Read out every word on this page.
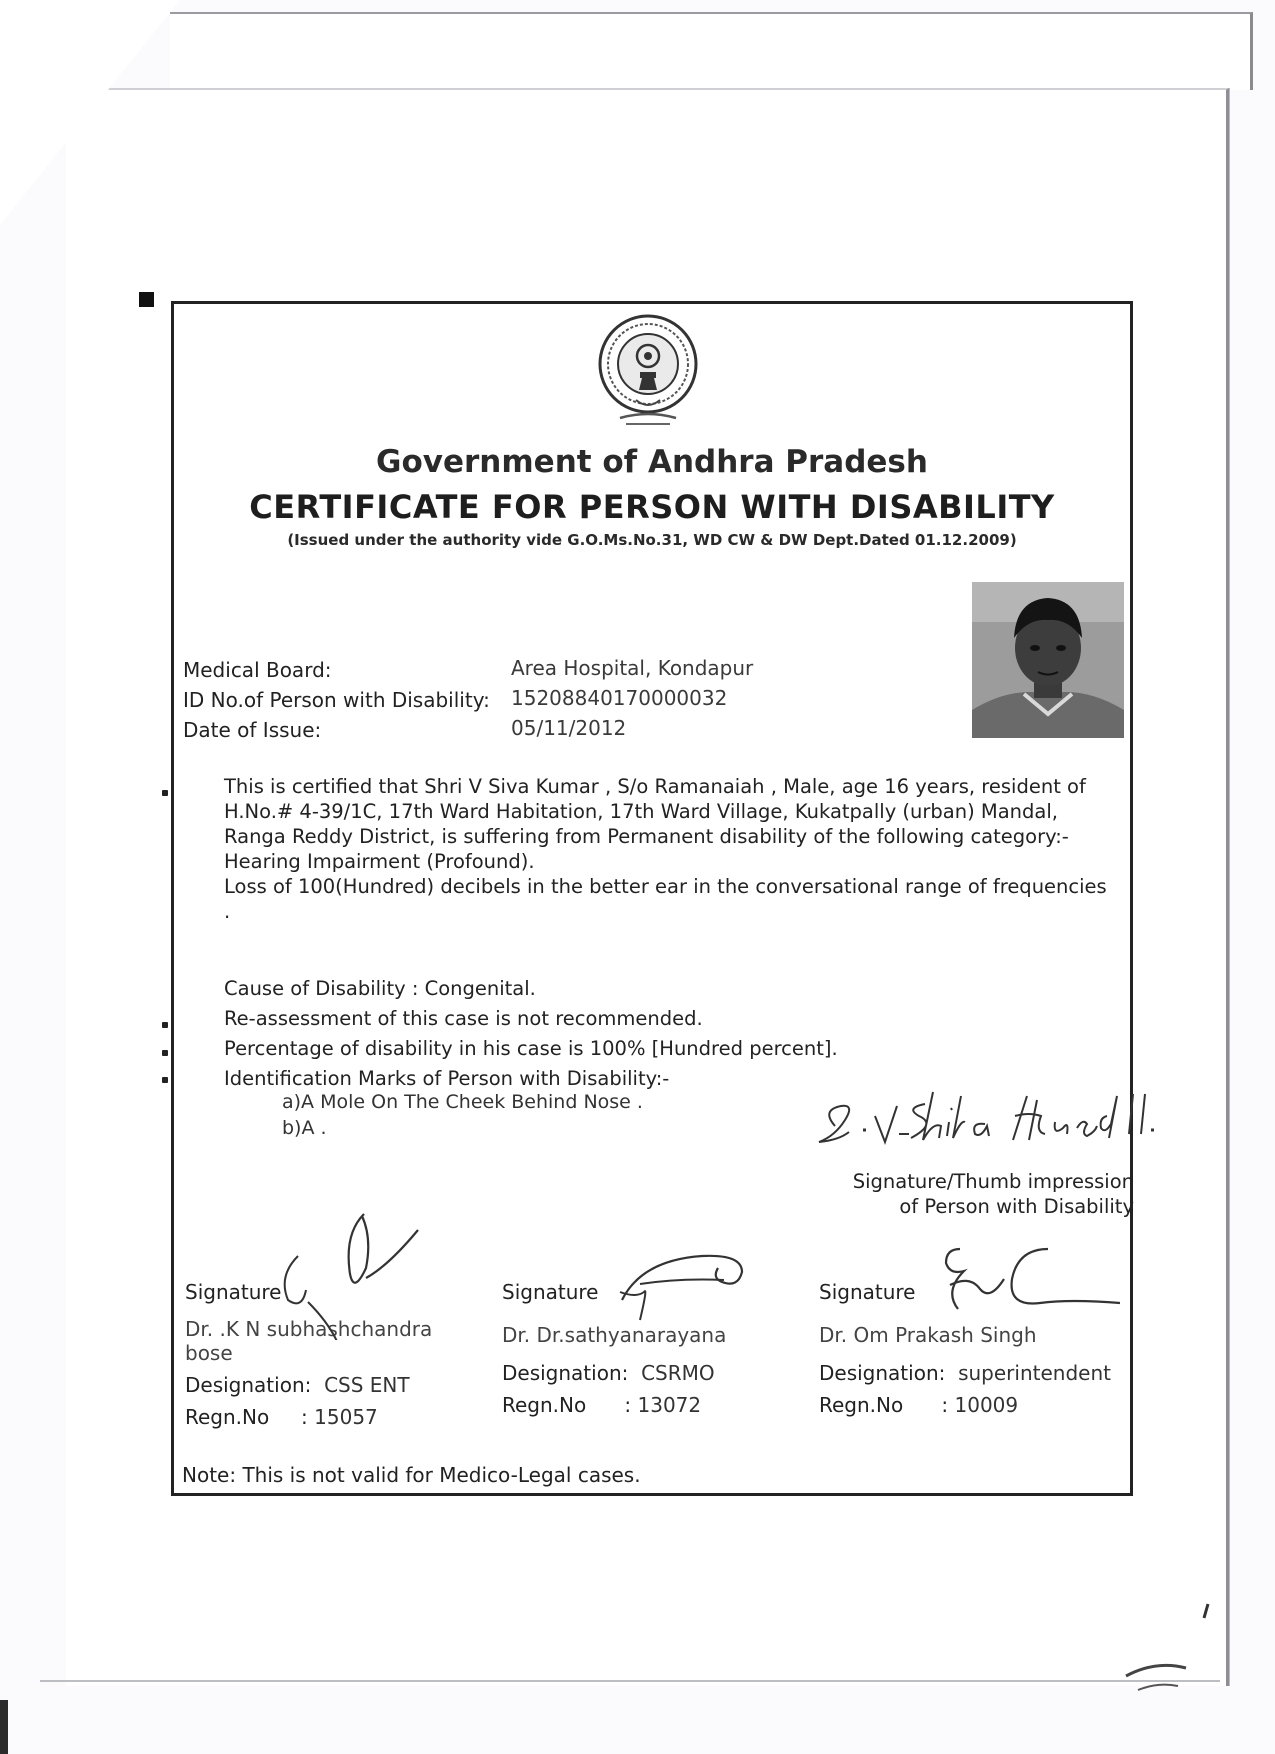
Government of Andhra Pradesh
CERTIFICATE FOR PERSON WITH DISABILITY
(Issued under the authority vide G.O.Ms.No.31, WD CW & DW Dept.Dated 01.12.2009)
Medical Board:	Area Hospital, Kondapur
ID No.of Person with Disability: 15208840170000032
Date of Issue:	05/11/2012

This is certified that Shri V Siva Kumar , S/o Ramanaiah , Male, age 16 years, resident of H.No.# 4-39/1C, 17th Ward Habitation, 17th Ward Village, Kukatpally (urban) Mandal, Ranga Reddy District, is suffering from Permanent disability of the following category:-

Hearing Impairment (Profound).

Loss of 100(Hundred) decibels in the better ear in the conversational range of frequencies .

Cause of Disability : Congenital.
Re-assessment of this case is not recommended.
Percentage of disability in his case is 100% [Hundred percent].
Identification Marks of Person with Disability:-
a)A Mole On The Cheek Behind Nose .
b)A .
Signature/Thumb impression
of Person with Disability
Signature
Dr. .K N subhashchandra bose
Designation: CSS ENT
Regn.No : 15057
Signature
Dr. Dr.sathyanarayana
Designation: CSRMO
Regn.No : 13072
Signature
Dr. Om Prakash Singh
Designation: superintendent
Regn.No : 10009
Note: This is not valid for Medico-Legal cases.
